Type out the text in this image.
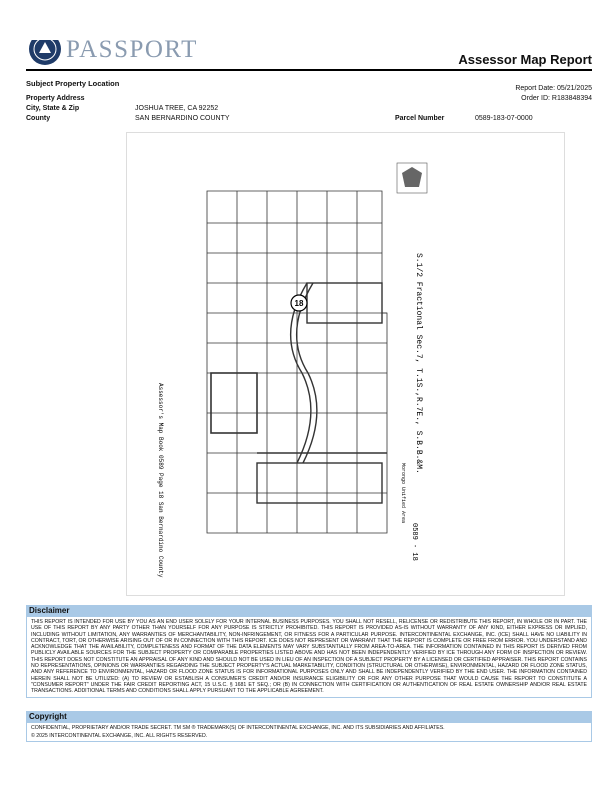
PASSPORT	Assessor Map Report
Subject Property Location
Report Date: 05/21/2025
Order ID: R183848394
Property Address
City, State & Zip	JOSHUA TREE, CA 92252
County	SAN BERNARDINO COUNTY	Parcel Number	0589-183-07-0000
18	S.1/2 Fractional Sec.7, T.1S.,R.7E., S.B.B.&M.
Assessor's Map Book 0589 Page 18 San Bernardino County	0589 - 18
Morongo Unified Area
Disclaimer
THIS REPORT IS INTENDED FOR USE BY YOU AS AN END USER SOLELY FOR YOUR INTERNAL BUSINESS PURPOSES. YOU SHALL NOT RESELL, RELICENSE OR REDISTRIBUTE THIS REPORT, IN WHOLE OR IN PART. THE USE OF THIS REPORT BY ANY PARTY OTHER THAN YOURSELF FOR ANY PURPOSE IS STRICTLY PROHIBITED. THIS REPORT IS PROVIDED AS-IS WITHOUT WARRANTY OF ANY KIND, EITHER EXPRESS OR IMPLIED, INCLUDING WITHOUT LIMITATION, ANY WARRANTIES OF MERCHANTABILITY, NON-INFRINGEMENT, OR FITNESS FOR A PARTICULAR PURPOSE. INTERCONTINENTAL EXCHANGE, INC. (ICE) SHALL HAVE NO LIABILITY IN CONTRACT, TORT, OR OTHERWISE ARISING OUT OF OR IN CONNECTION WITH THIS REPORT. ICE DOES NOT REPRESENT OR WARRANT THAT THE REPORT IS COMPLETE OR FREE FROM ERROR. YOU UNDERSTAND AND ACKNOWLEDGE THAT THE AVAILABILITY, COMPLETENESS AND FORMAT OF THE DATA ELEMENTS MAY VARY SUBSTANTIALLY FROM AREA-TO-AREA. THE INFORMATION CONTAINED IN THIS REPORT IS DERIVED FROM PUBLICLY AVAILABLE SOURCES FOR THE SUBJECT PROPERTY OR COMPARABLE PROPERTIES LISTED ABOVE AND HAS NOT BEEN INDEPENDENTLY VERIFIED BY ICE THROUGH ANY FORM OF INSPECTION OR REVIEW. THIS REPORT DOES NOT CONSTITUTE AN APPRAISAL OF ANY KIND AND SHOULD NOT BE USED IN LIEU OF AN INSPECTION OF A SUBJECT PROPERTY BY A LICENSED OR CERTIFIED APPRAISER. THIS REPORT CONTAINS NO REPRESENTATIONS, OPINIONS OR WARRANTIES REGARDING THE SUBJECT PROPERTY'S ACTUAL MARKETABILITY, CONDITION (STRUCTURAL OR OTHERWISE), ENVIRONMENTAL, HAZARD OR FLOOD ZONE STATUS, AND ANY REFERENCE TO ENVIRONMENTAL, HAZARD OR FLOOD ZONE STATUS IS FOR INFORMATIONAL PURPOSES ONLY AND SHALL BE INDEPENDENTLY VERIFIED BY THE END USER. THE INFORMATION CONTAINED HEREIN SHALL NOT BE UTILIZED: (A) TO REVIEW OR ESTABLISH A CONSUMER'S CREDIT AND/OR INSURANCE ELIGIBILITY OR FOR ANY OTHER PURPOSE THAT WOULD CAUSE THE REPORT TO CONSTITUTE A "CONSUMER REPORT" UNDER THE FAIR CREDIT REPORTING ACT, 15 U.S.C. § 1681 ET SEQ.; OR (B) IN CONNECTION WITH CERTIFICATION OR AUTHENTICATION OF REAL ESTATE OWNERSHIP AND/OR REAL ESTATE TRANSACTIONS. ADDITIONAL TERMS AND CONDITIONS SHALL APPLY PURSUANT TO THE APPLICABLE AGREEMENT.
Copyright
CONFIDENTIAL, PROPRIETARY AND/OR TRADE SECRET. TM SM ® TRADEMARK(S) OF INTERCONTINENTAL EXCHANGE, INC. AND ITS SUBSIDIARIES AND AFFILIATES.
© 2025 INTERCONTINENTAL EXCHANGE, INC. ALL RIGHTS RESERVED.
